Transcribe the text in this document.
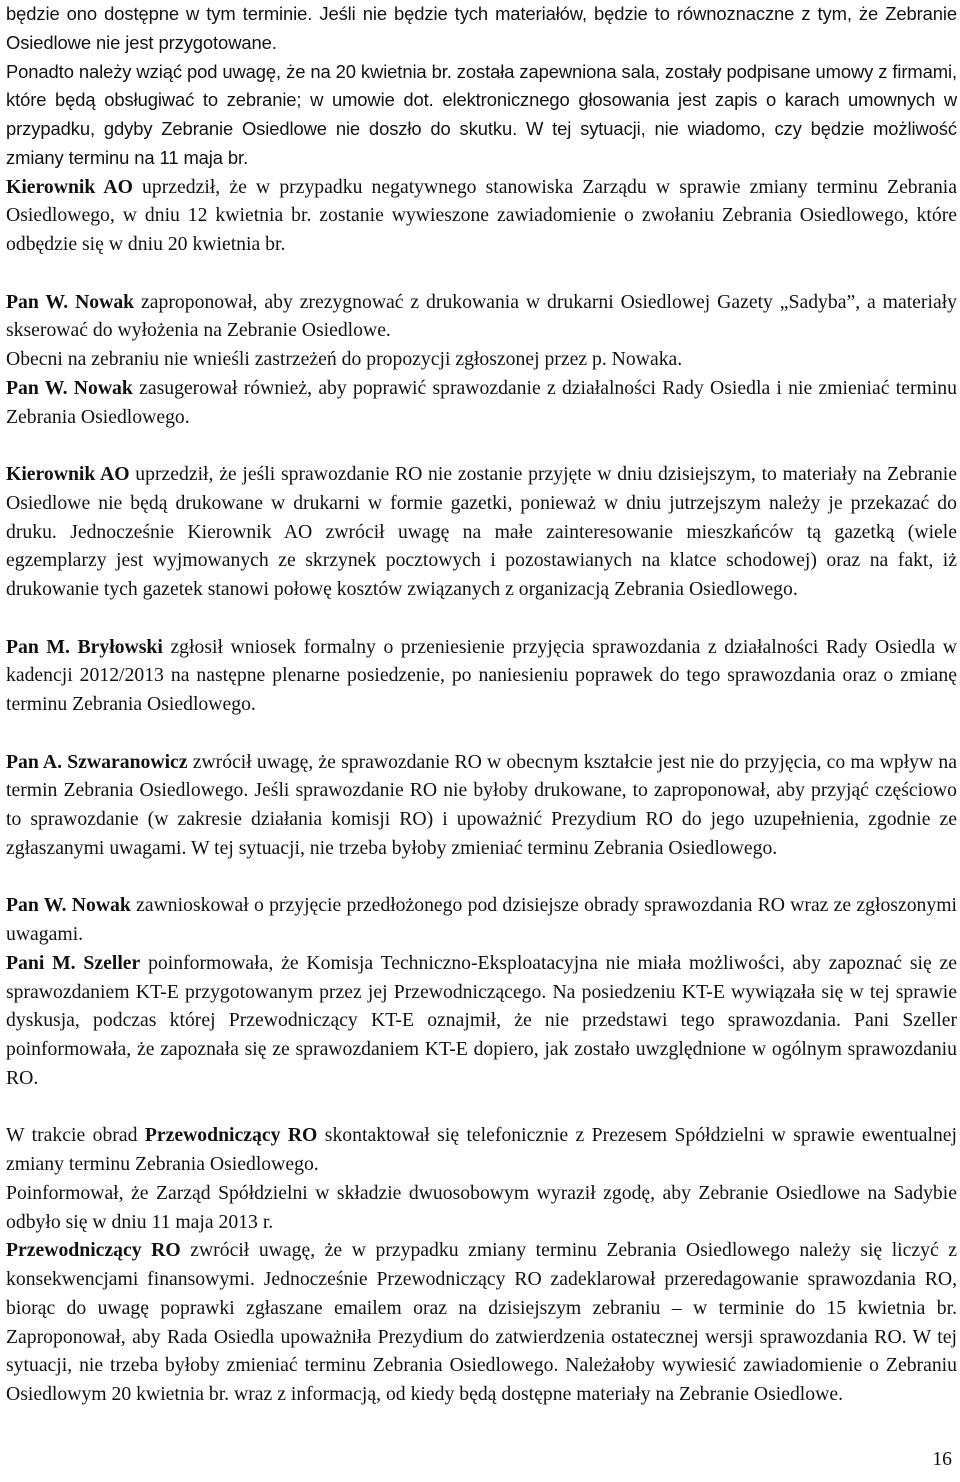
będzie ono dostępne w tym terminie. Jeśli nie będzie tych materiałów, będzie to równoznaczne z tym, że Zebranie Osiedlowe nie jest przygotowane.
Ponadto należy wziąć pod uwagę, że na 20 kwietnia br. została zapewniona sala, zostały podpisane umowy z firmami, które będą obsługiwać to zebranie; w umowie dot. elektronicznego głosowania jest zapis o karach umownych w przypadku, gdyby Zebranie Osiedlowe nie doszło do skutku. W tej sytuacji, nie wiadomo, czy będzie możliwość zmiany terminu na 11 maja br.

Kierownik AO uprzedził, że w przypadku negatywnego stanowiska Zarządu w sprawie zmiany terminu Zebrania Osiedlowego, w dniu 12 kwietnia br. zostanie wywieszone zawiadomienie o zwołaniu Zebrania Osiedlowego, które odbędzie się w dniu 20 kwietnia br.

Pan W. Nowak zaproponował, aby zrezygnować z drukowania w drukarni Osiedlowej Gazety „Sadyba”, a materiały skserować do wyłożenia na Zebranie Osiedlowe.

Obecni na zebraniu nie wnieśli zastrzeżeń do propozycji zgłoszonej przez p. Nowaka.

Pan W. Nowak zasugerował również, aby poprawić sprawozdanie z działalności Rady Osiedla i nie zmieniać terminu Zebrania Osiedlowego.

Kierownik AO uprzedził, że jeśli sprawozdanie RO nie zostanie przyjęte w dniu dzisiejszym, to materiały na Zebranie Osiedlowe nie będą drukowane w drukarni w formie gazetki, ponieważ w dniu jutrzejszym należy je przekazać do druku. Jednocześnie Kierownik AO zwrócił uwagę na małe zainteresowanie mieszkańców tą gazetką (wiele egzemplarzy jest wyjmowanych ze skrzynek pocztowych i pozostawianych na klatce schodowej) oraz na fakt, iż drukowanie tych gazetek stanowi połowę kosztów związanych z organizacją Zebrania Osiedlowego.

Pan M. Bryłowski zgłosił wniosek formalny o przeniesienie przyjęcia sprawozdania z działalności Rady Osiedla w kadencji 2012/2013 na następne plenarne posiedzenie, po naniesieniu poprawek do tego sprawozdania oraz o zmianę terminu Zebrania Osiedlowego.

Pan A. Szwaranowicz zwrócił uwagę, że sprawozdanie RO w obecnym kształcie jest nie do przyjęcia, co ma wpływ na termin Zebrania Osiedlowego. Jeśli sprawozdanie RO nie byłoby drukowane, to zaproponował, aby przyjąć częściowo to sprawozdanie (w zakresie działania komisji RO) i upoważnić Prezydium RO do jego uzupełnienia, zgodnie ze zgłaszanymi uwagami. W tej sytuacji, nie trzeba byłoby zmieniać terminu Zebrania Osiedlowego.

Pan W. Nowak zawnioskował o przyjęcie przedłożonego pod dzisiejsze obrady sprawozdania RO wraz ze zgłoszonymi uwagami.

Pani M. Szeller poinformowała, że Komisja Techniczno-Eksploatacyjna nie miała możliwości, aby zapoznać się ze sprawozdaniem KT-E przygotowanym przez jej Przewodniczącego. Na posiedzeniu KT-E wywiązała się w tej sprawie dyskusja, podczas której Przewodniczący KT-E oznajmił, że nie przedstawi tego sprawozdania. Pani Szeller poinformowała, że zapoznała się ze sprawozdaniem KT-E dopiero, jak zostało uwzględnione w ogólnym sprawozdaniu RO.

W trakcie obrad Przewodniczący RO skontaktował się telefonicznie z Prezesem Spółdzielni w sprawie ewentualnej zmiany terminu Zebrania Osiedlowego.

Poinformował, że Zarząd Spółdzielni w składzie dwuosobowym wyraził zgodę, aby Zebranie Osiedlowe na Sadybie odbyło się w dniu 11 maja 2013 r.

Przewodniczący RO zwrócił uwagę, że w przypadku zmiany terminu Zebrania Osiedlowego należy się liczyć z konsekwencjami finansowymi. Jednocześnie Przewodniczący RO zadeklarował przeredagowanie sprawozdania RO, biorąc do uwagę poprawki zgłaszane emailem oraz na dzisiejszym zebraniu – w terminie do 15 kwietnia br. Zaproponował, aby Rada Osiedla upoważniła Prezydium do zatwierdzenia ostatecznej wersji sprawozdania RO. W tej sytuacji, nie trzeba byłoby zmieniać terminu Zebrania Osiedlowego. Należałoby wywiesić zawiadomienie o Zebraniu Osiedlowym 20 kwietnia br. wraz z informacją, od kiedy będą dostępne materiały na Zebranie Osiedlowe.

16
